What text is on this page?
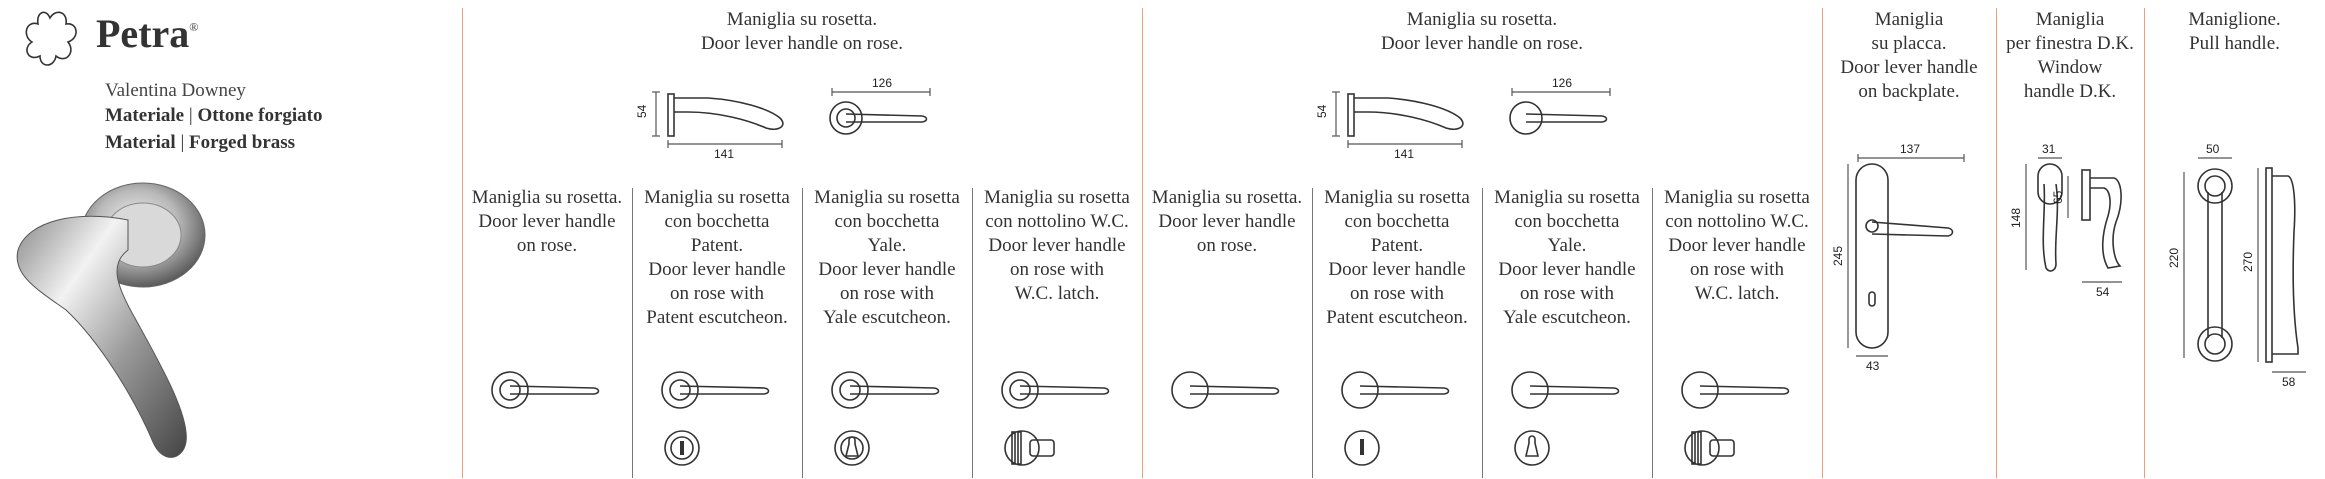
Petra®
Valentina Downey
Materiale | Ottone forgiato
Material | Forged brass
Maniglia su rosetta.
Door lever handle on rose.
Maniglia su rosetta.
Door lever handle on rose.
Maniglia
su placca.
Door lever handle
on backplate.
Maniglia
per finestra D.K.
Window
handle D.K.
Maniglione.
Pull handle.
54
141
126
54
141
126
Maniglia su rosetta.
Door lever handle
on rose.
Maniglia su rosetta
con bocchetta
Patent.
Door lever handle
on rose with
Patent escutcheon.
Maniglia su rosetta
con bocchetta
Yale.
Door lever handle
on rose with
Yale escutcheon.
Maniglia su rosetta
con nottolino W.C.
Door lever handle
on rose with
W.C. latch.
Maniglia su rosetta.
Door lever handle
on rose.
Maniglia su rosetta
con bocchetta
Patent.
Door lever handle
on rose with
Patent escutcheon.
Maniglia su rosetta
con bocchetta
Yale.
Door lever handle
on rose with
Yale escutcheon.
Maniglia su rosetta
con nottolino W.C.
Door lever handle
on rose with
W.C. latch.
137
245
43
31
148
65
54
50
220	270
58
